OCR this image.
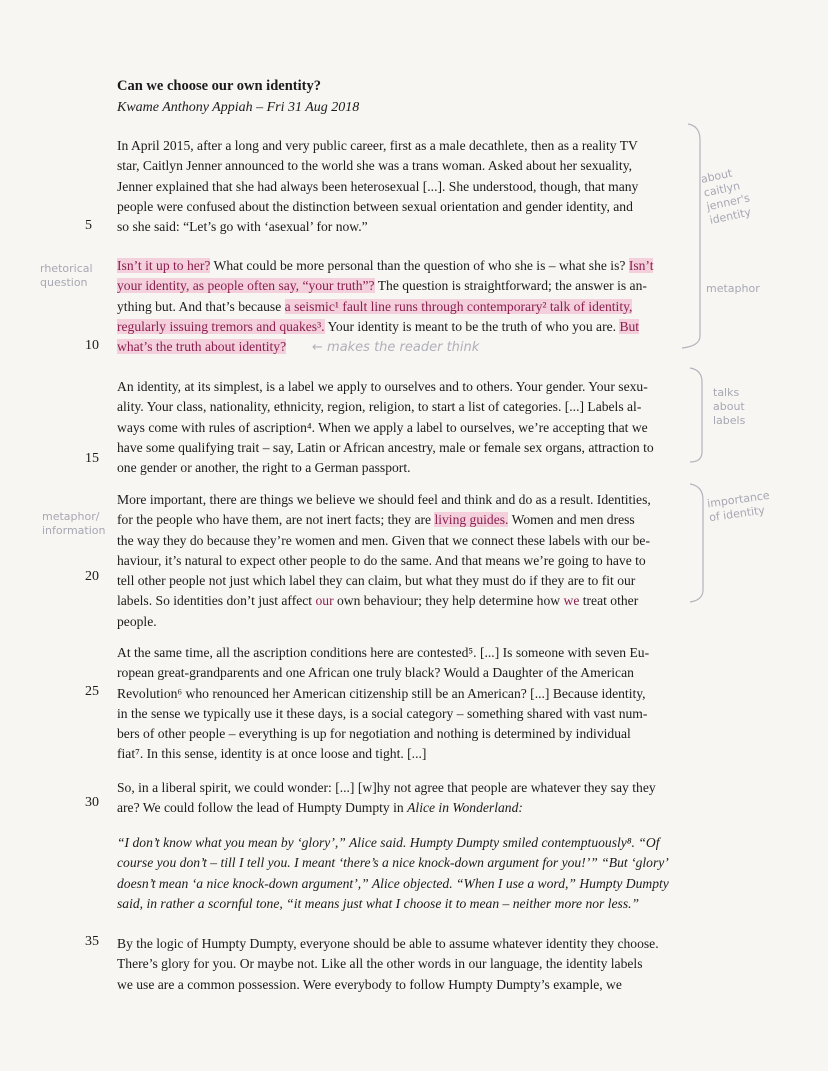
Can we choose our own identity?
Kwame Anthony Appiah – Fri 31 Aug 2018
In April 2015, after a long and very public career, first as a male decathlete, then as a reality TV
star, Caitlyn Jenner announced to the world she was a trans woman. Asked about her sexuality,
Jenner explained that she had always been heterosexual [...]. She understood, though, that many
people were confused about the distinction between sexual orientation and gender identity, and
so she said: “Let’s go with ‘asexual’ for now.”
Isn’t it up to her? What could be more personal than the question of who she is – what she is? Isn’t
your identity, as people often say, “your truth”? The question is straightforward; the answer is an-
ything but. And that’s because a seismic¹ fault line runs through contemporary² talk of identity,
regularly issuing tremors and quakes³. Your identity is meant to be the truth of who you are. But
what’s the truth about identity?	← makes the reader think
An identity, at its simplest, is a label we apply to ourselves and to others. Your gender. Your sexu-
ality. Your class, nationality, ethnicity, region, religion, to start a list of categories. [...] Labels al-
ways come with rules of ascription⁴. When we apply a label to ourselves, we’re accepting that we
have some qualifying trait – say, Latin or African ancestry, male or female sex organs, attraction to
one gender or another, the right to a German passport.
More important, there are things we believe we should feel and think and do as a result. Identities,
for the people who have them, are not inert facts; they are living guides. Women and men dress
the way they do because they’re women and men. Given that we connect these labels with our be-
haviour, it’s natural to expect other people to do the same. And that means we’re going to have to
tell other people not just which label they can claim, but what they must do if they are to fit our
labels. So identities don’t just affect our own behaviour; they help determine how we treat other
people.
At the same time, all the ascription conditions here are contested⁵. [...] Is someone with seven Eu-
ropean great-grandparents and one African one truly black? Would a Daughter of the American
Revolution⁶ who renounced her American citizenship still be an American? [...] Because identity,
in the sense we typically use it these days, is a social category – something shared with vast num-
bers of other people – everything is up for negotiation and nothing is determined by individual
fiat⁷. In this sense, identity is at once loose and tight. [...]
So, in a liberal spirit, we could wonder: [...] [w]hy not agree that people are whatever they say they
are? We could follow the lead of Humpty Dumpty in Alice in Wonderland:
“I don’t know what you mean by ‘glory’,” Alice said. Humpty Dumpty smiled contemptuously⁸. “Of
course you don’t – till I tell you. I meant ‘there’s a nice knock-down argument for you!’” “But ‘glory’
doesn’t mean ‘a nice knock-down argument’,” Alice objected. “When I use a word,” Humpty Dumpty
said, in rather a scornful tone, “it means just what I choose it to mean – neither more nor less.”
By the logic of Humpty Dumpty, everyone should be able to assume whatever identity they choose.
There’s glory for you. Or maybe not. Like all the other words in our language, the identity labels
we use are a common possession. Were everybody to follow Humpty Dumpty’s example, we
5
10
15
20
25
30
35
about
caitlyn
jenner's
identity
metaphor
talks
about
labels
importance
of identity
rhetorical
question
metaphor/
information
